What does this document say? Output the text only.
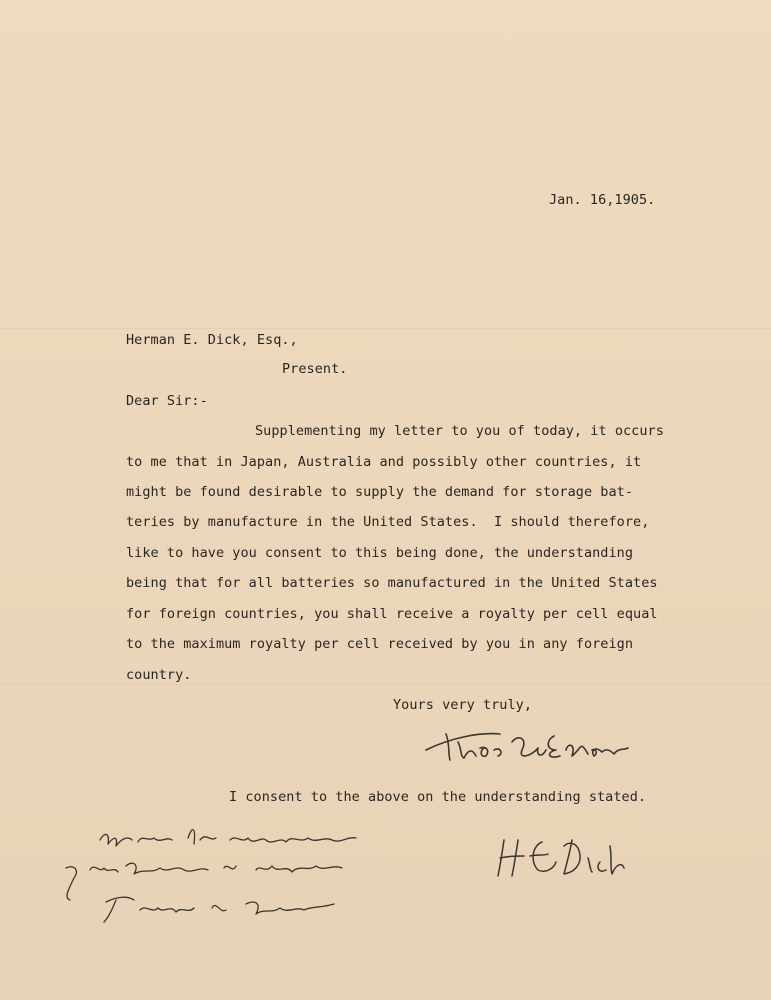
Jan. 16,1905.

Herman E. Dick, Esq.,

Present.

Dear Sir:-

Supplementing my letter to you of today, it occurs

to me that in Japan, Australia and possibly other countries, it

might be found desirable to supply the demand for storage bat-

teries by manufacture in the United States.  I should therefore,

like to have you consent to this being done, the understanding

being that for all batteries so manufactured in the United States

for foreign countries, you shall receive a royalty per cell equal

to the maximum royalty per cell received by you in any foreign

country.

Yours very truly,

I consent to the above on the understanding stated.
